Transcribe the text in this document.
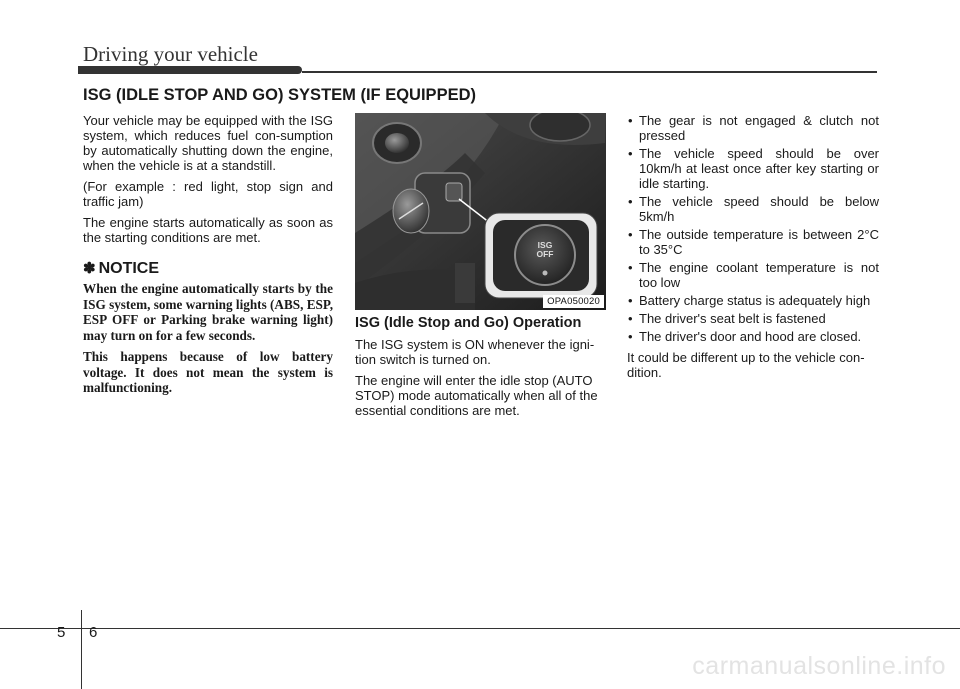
Driving your vehicle
ISG (IDLE STOP AND GO) SYSTEM (IF EQUIPPED)

Your vehicle may be equipped with the ISG system, which reduces fuel con-sumption by automatically shutting down the engine, when the vehicle is at a standstill.

(For example : red light, stop sign and traffic jam)

The engine starts automatically as soon as the starting conditions are met.

✽ NOTICE

When the engine automatically starts by the ISG system, some warning lights (ABS, ESP, ESP OFF or Parking brake warning light) may turn on for a few seconds.

This happens because of low battery voltage. It does not mean the system is malfunctioning.

ISG
OFF
OPA050020
ISG (Idle Stop and Go) Operation

The ISG system is ON whenever the igni-tion switch is turned on.

The engine will enter the idle stop (AUTO STOP) mode automatically when all of the essential conditions are met.

• The gear is not engaged & clutch not pressed
• The vehicle speed should be over 10km/h at least once after key starting or idle starting.
• The vehicle speed should be below 5km/h
• The outside temperature is between 2°C to 35°C
• The engine coolant temperature is not too low
• Battery charge status is adequately high
• The driver's seat belt is fastened
• The driver's door and hood are closed.

It could be different up to the vehicle con-dition.

5 6
carmanualsonline.info
